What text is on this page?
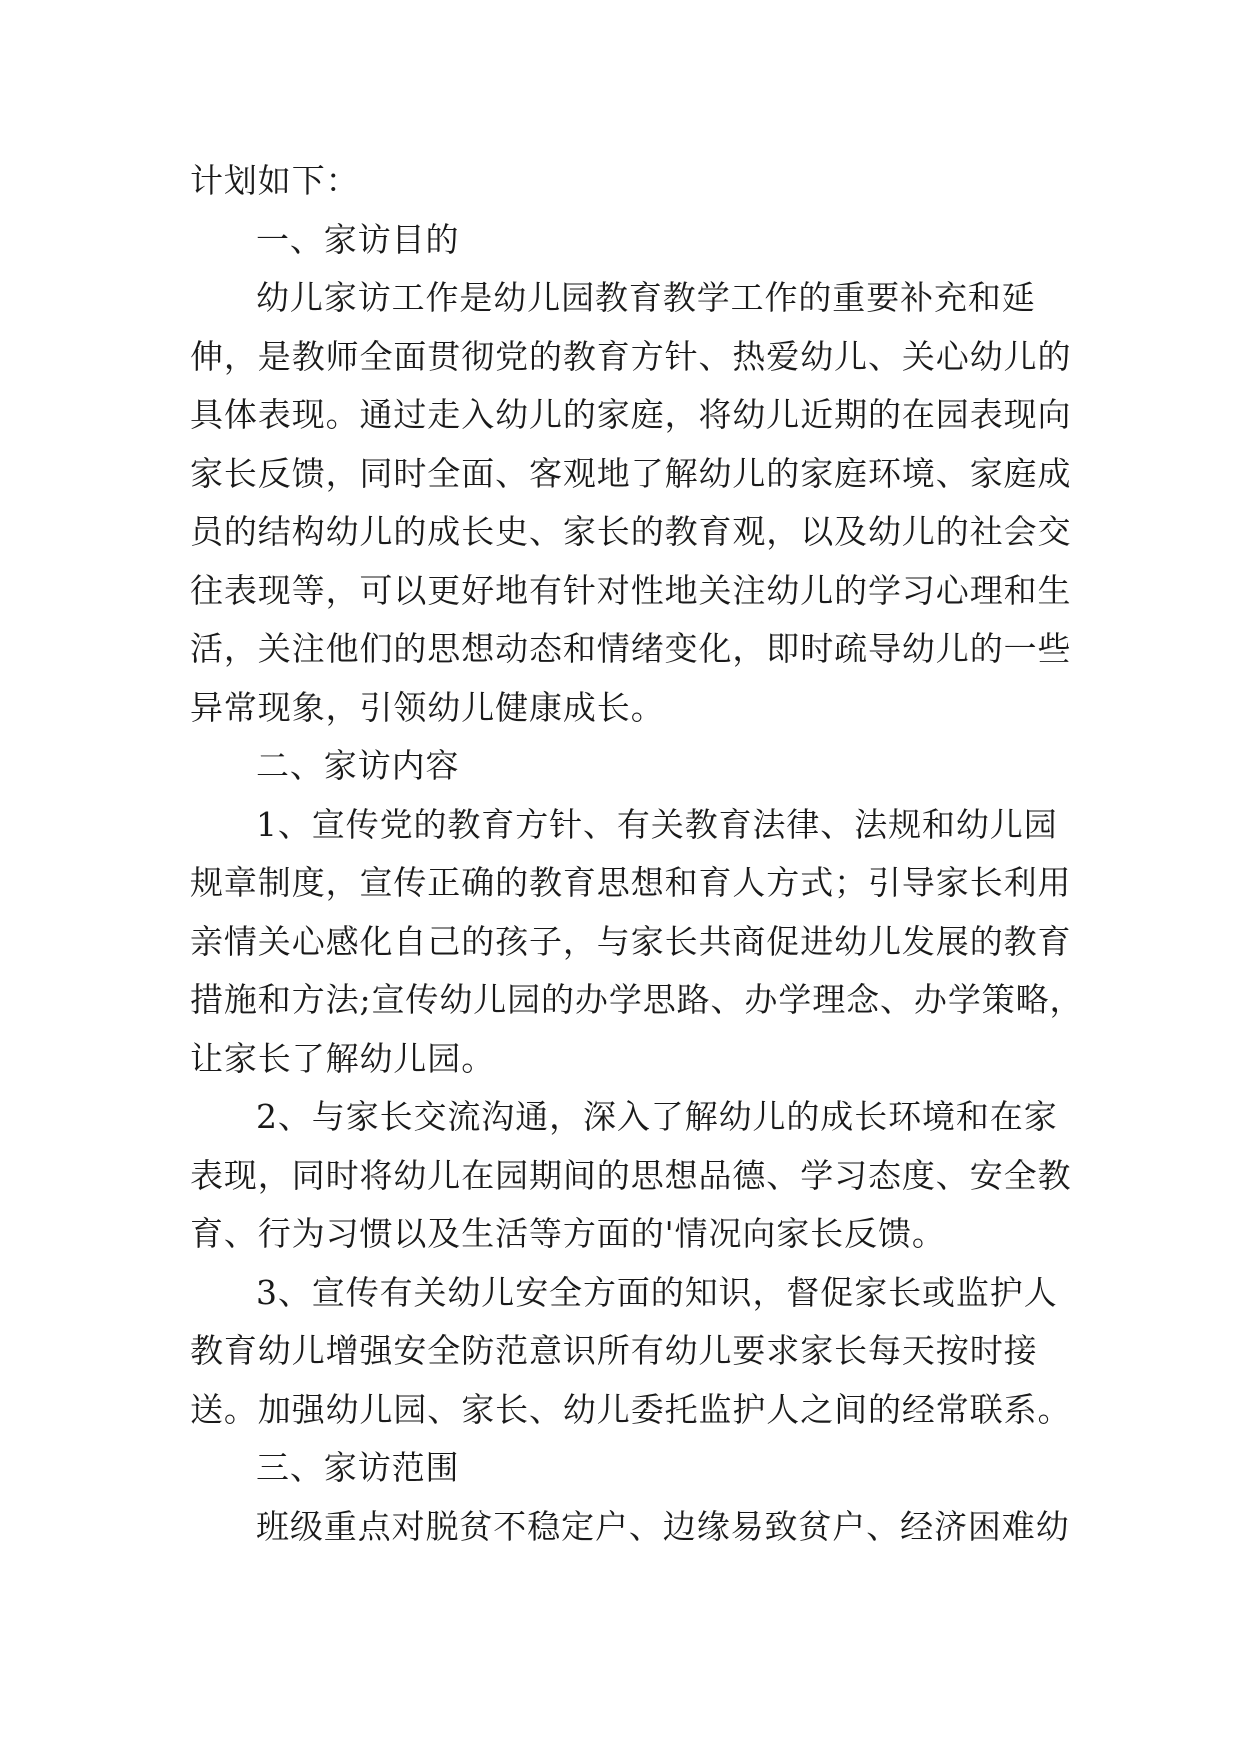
计划如下：
一、家访目的
幼儿家访工作是幼儿园教育教学工作的重要补充和延
伸，是教师全面贯彻党的教育方针、热爱幼儿、关心幼儿的
具体表现。通过走入幼儿的家庭，将幼儿近期的在园表现向
家长反馈，同时全面、客观地了解幼儿的家庭环境、家庭成
员的结构幼儿的成长史、家长的教育观，以及幼儿的社会交
往表现等，可以更好地有针对性地关注幼儿的学习心理和生
活，关注他们的思想动态和情绪变化，即时疏导幼儿的一些
异常现象，引领幼儿健康成长。
二、家访内容
1、宣传党的教育方针、有关教育法律、法规和幼儿园
规章制度，宣传正确的教育思想和育人方式；引导家长利用
亲情关心感化自己的孩子，与家长共商促进幼儿发展的教育
措施和方法;宣传幼儿园的办学思路、办学理念、办学策略，
让家长了解幼儿园。
2、与家长交流沟通，深入了解幼儿的成长环境和在家
表现，同时将幼儿在园期间的思想品德、学习态度、安全教
育、行为习惯以及生活等方面的'情况向家长反馈。
3、宣传有关幼儿安全方面的知识，督促家长或监护人
教育幼儿增强安全防范意识所有幼儿要求家长每天按时接
送。加强幼儿园、家长、幼儿委托监护人之间的经常联系。
三、家访范围
班级重点对脱贫不稳定户、边缘易致贫户、经济困难幼
